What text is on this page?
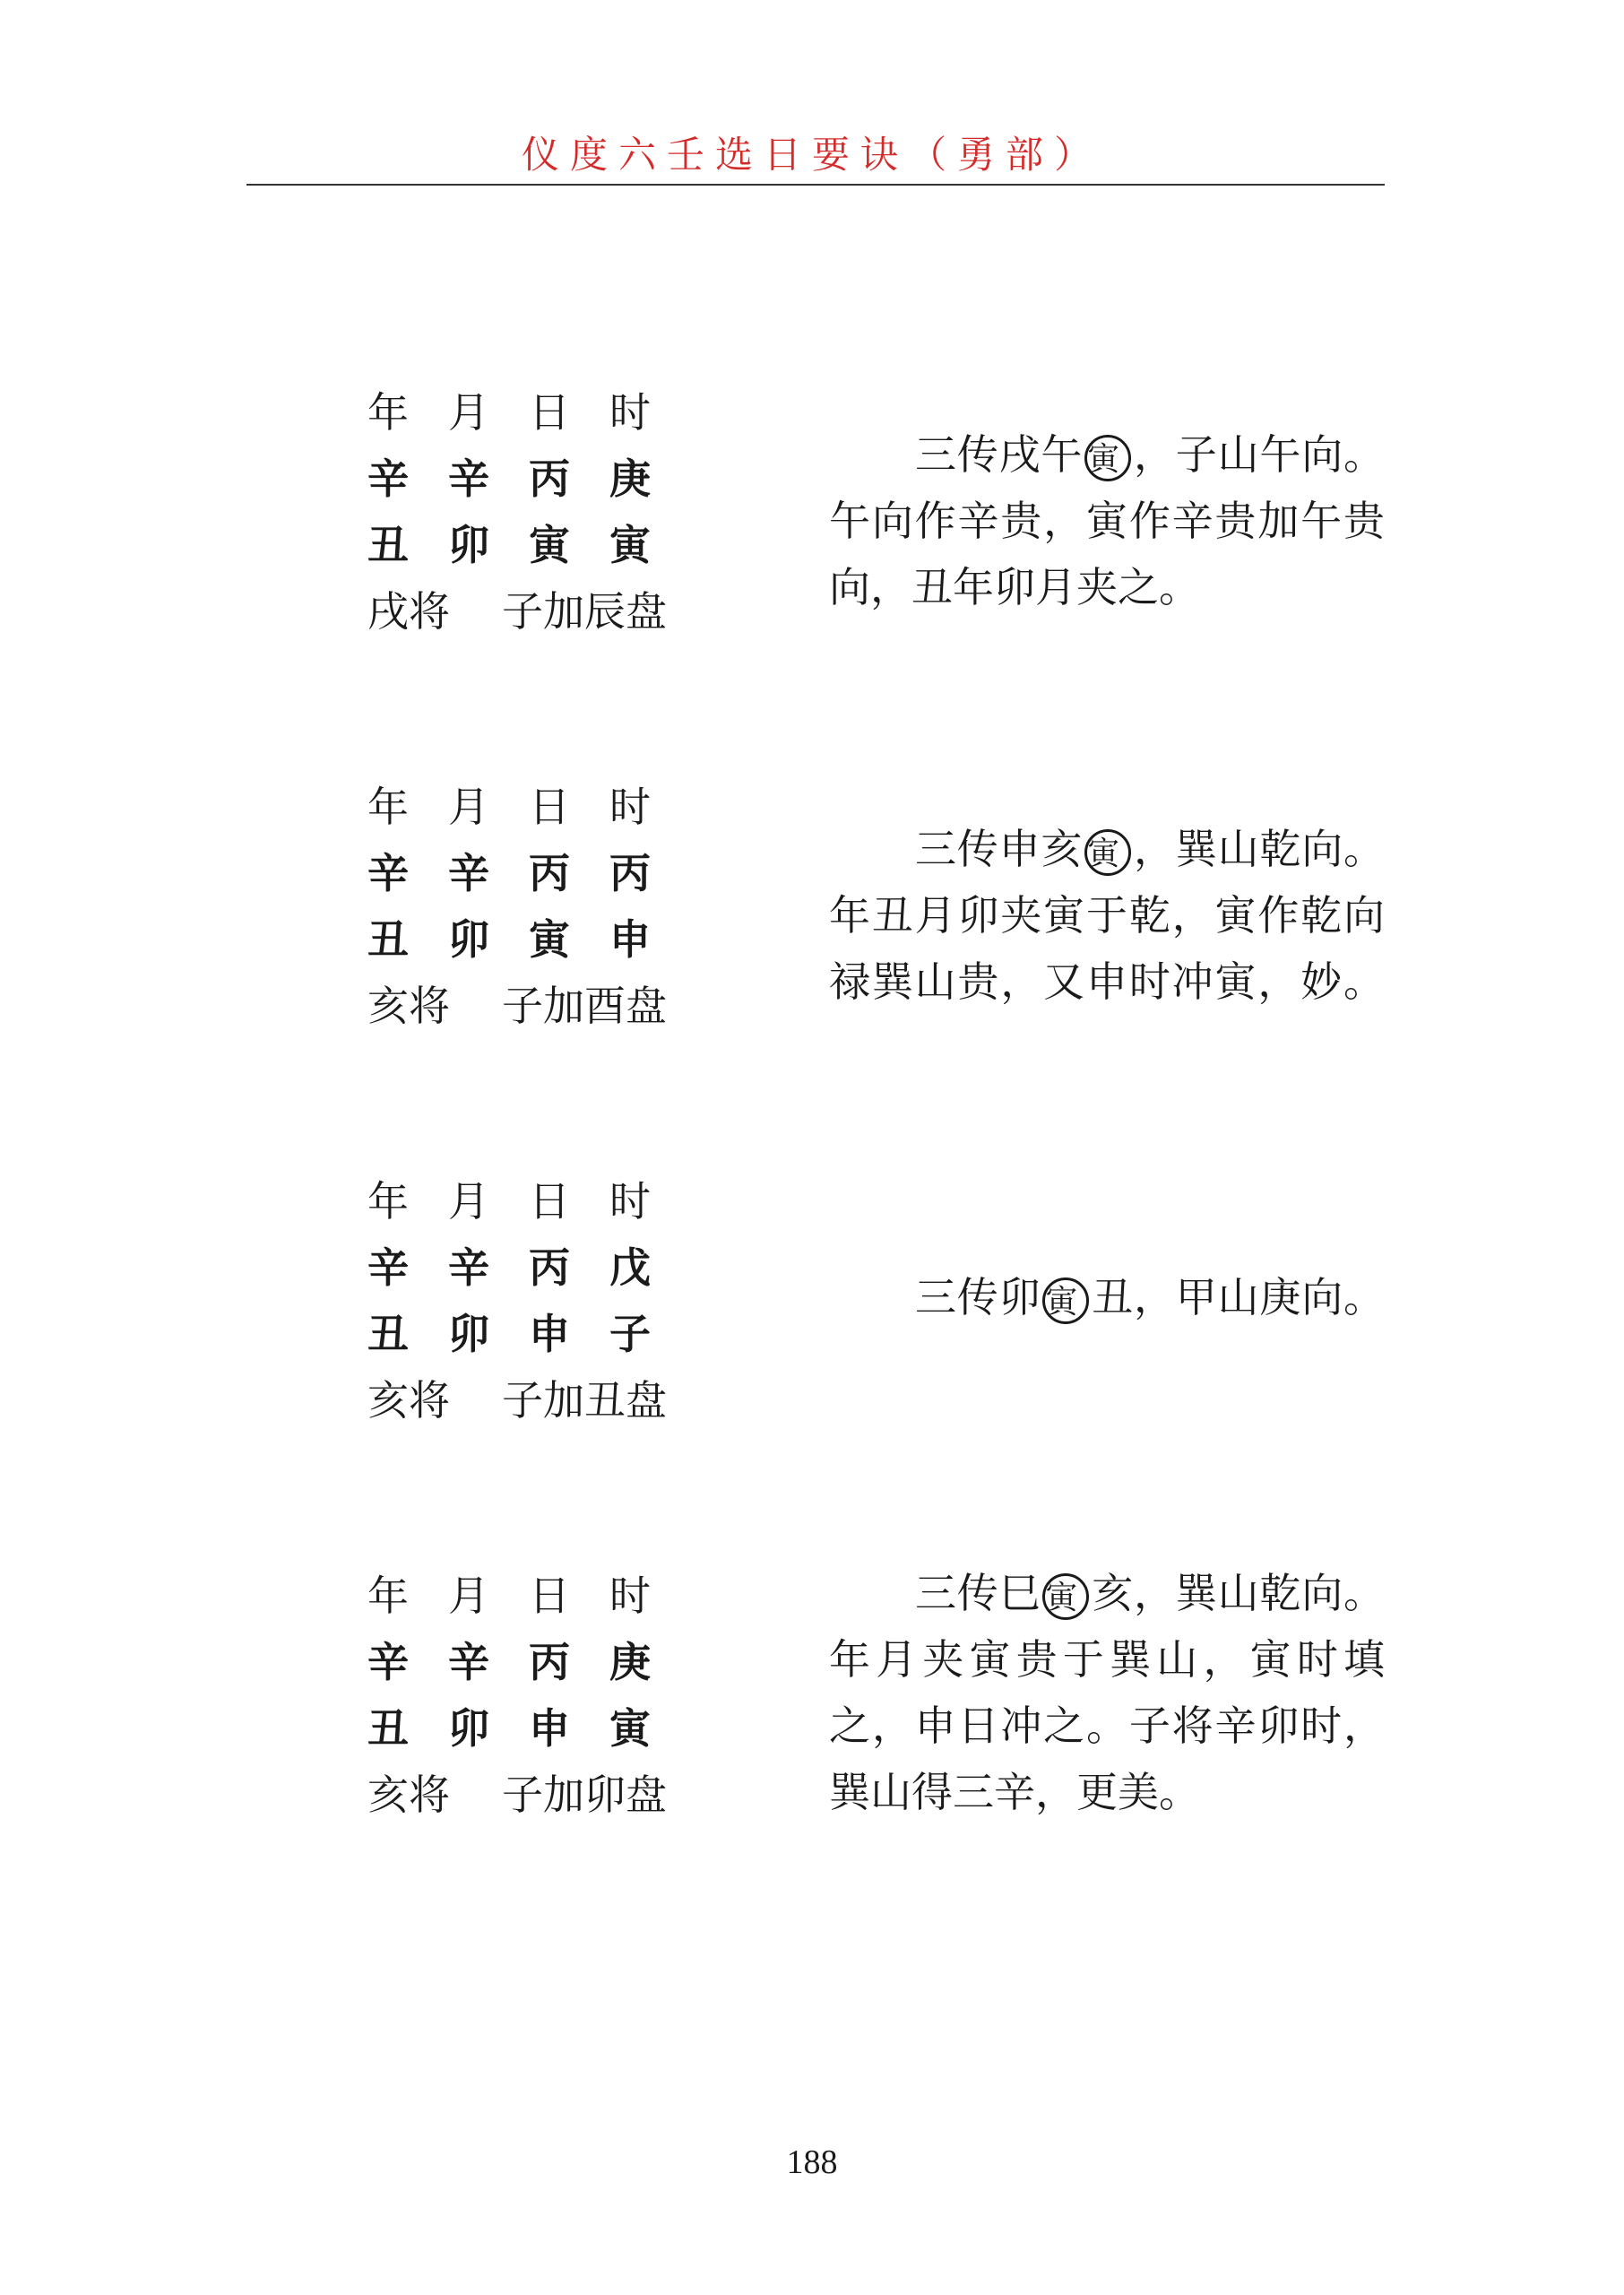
仪度六壬选日要诀（勇部）
年 月 日 时
辛 辛 丙 庚
丑 卯 寅 寅
戌将	子加辰盘
三传戌午 寅 ，子山午向。
午向作辛贵，寅作辛贵加午贵
向，丑年卯月夹之。
年 月 日 时
辛 辛 丙 丙
丑 卯 寅 申
亥将	子加酉盘
三传申亥 寅 ，巽山乾向。
年丑月卯夹寅于乾，寅作乾向
禄巽山贵，又申时冲寅，妙。
年 月 日 时
辛 辛 丙 戊
丑 卯 申 子
亥将	子加丑盘
三传卯 寅 丑，甲山庚向。
年 月 日 时
辛 辛 丙 庚
丑 卯 申 寅
亥将	子加卯盘
三传巳 寅 亥，巽山乾向。
年月夹寅贵于巽山，寅时填
之，申日冲之。子将辛卯时，
巽山得三辛，更美。
188
